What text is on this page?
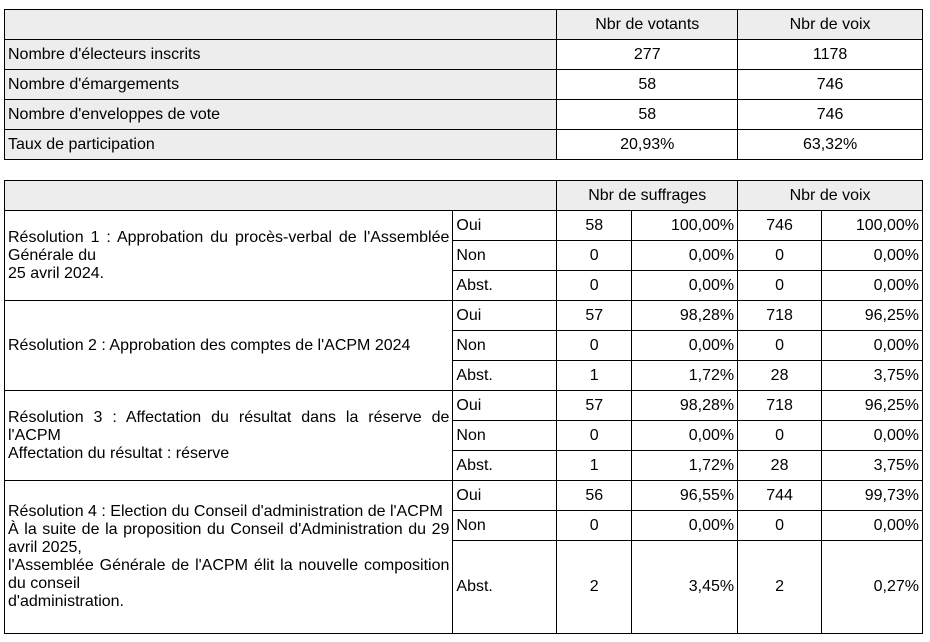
	Nbr de votants	Nbr de voix
Nombre d'électeurs inscrits	277	1178
Nombre d'émargements	58	746
Nombre d'enveloppes de vote	58	746
Taux de participation	20,93%	63,32%
		Nbr de suffrages		Nbr de voix	

Résolution 1 : Approbation du procès-verbal de l'Assemblée Générale du
25 avril 2024.	Oui	58	100,00%	746	100,00%
	Non	0	0,00%	0	0,00%
	Abst.	0	0,00%	0	0,00%

Résolution 2 : Approbation des comptes de l'ACPM 2024	Oui	57	98,28%	718	96,25%
	Non	0	0,00%	0	0,00%
	Abst.	1	1,72%	28	3,75%

Résolution 3 : Affectation du résultat dans la réserve de l'ACPM
Affectation du résultat : réserve	Oui	57	98,28%	718	96,25%
	Non	0	0,00%	0	0,00%
	Abst.	1	1,72%	28	3,75%

Résolution 4 : Election du Conseil d'administration de l'ACPM
À la suite de la proposition du Conseil d'Administration du 29 avril 2025,
l'Assemblée Générale de l'ACPM élit la nouvelle composition du conseil
d'administration.	Oui	56	96,55%	744	99,73%
	Non	0	0,00%	0	0,00%
	Abst.	2	3,45%	2	0,27%
